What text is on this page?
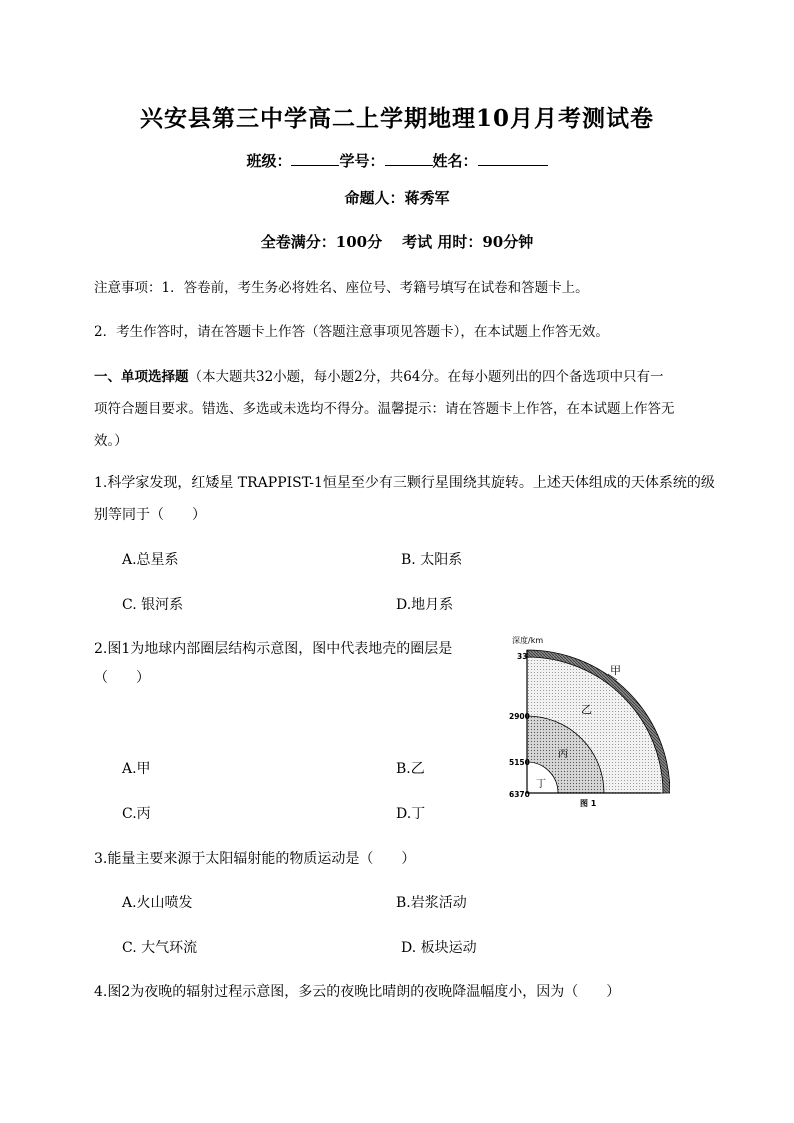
兴安县第三中学高二上学期地理10月月考测试卷
班级：	学号：	姓名：
命题人：蒋秀军
全卷满分：100分 考试 用时：90分钟
注意事项：1．答卷前，考生务必将姓名、座位号、考籍号填写在试卷和答题卡上。
2．考生作答时，请在答题卡上作答（答题注意事项见答题卡），在本试题上作答无效。
一、单项选择题（本大题共32小题，每小题2分，共64分。在每小题列出的四个备选项中只有一
项符合题目要求。错选、多选或未选均不得分。温馨提示：请在答题卡上作答，在本试题上作答无
效。）
1.科学家发现，红矮星 TRAPPIST-1恒星至少有三颗行星围绕其旋转。上述天体组成的天体系统的级
别等同于（　　）
A.总星系	B. 太阳系
C. 银河系	D.地月系
2.图1为地球内部圈层结构示意图，图中代表地壳的圈层是
（　　）
A.甲	B.乙
C.丙	D.丁
深度/km
33
2900
5150
6370
甲
乙
丙
丁
图 1
3.能量主要来源于太阳辐射能的物质运动是（　　）
A.火山喷发	B.岩浆活动
C. 大气环流	D. 板块运动
4.图2为夜晚的辐射过程示意图，多云的夜晚比晴朗的夜晚降温幅度小，因为（　　）
